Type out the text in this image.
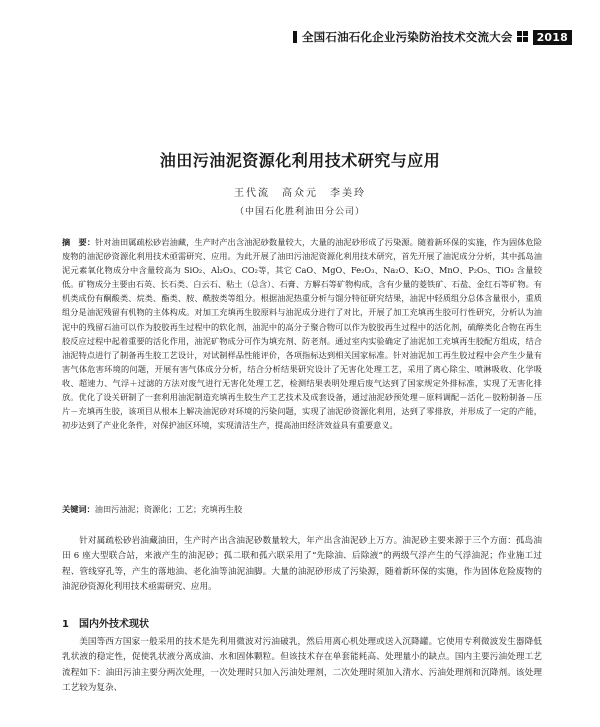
全国石油石化企业污染防治技术交流大会	2018
油田污油泥资源化利用技术研究与应用
王代流　高众元　李美玲
（中国石化胜利油田分公司）
摘　要：针对油田属疏松砂岩油藏，生产时产出含油泥砂数量较大，大量的油泥砂形成了污染源。随着新环保的实施，作为固体危险废物的油泥砂资源化利用技术亟需研究、应用。为此开展了油田污油泥资源化利用技术研究，首先开展了油泥成分分析，其中孤岛油泥元素氧化物成分中含量较高为 SiO₂、Al₂O₃、CO₂等，其它 CaO、MgO、Fe₂O₃、Na₂O、K₂O、MnO、P₂O₅、TiO₂ 含量较低。矿物成分主要由石英、长石类、白云石、粘土（总含）、石膏、方解石等矿物构成，含有少量的菱铁矿、石盐、金红石等矿物。有机类成份有酮酸类、烷类、酯类、胺、酰胺类等组分。根据油泥热重分析与馏分特征研究结果，油泥中轻质组分总体含量很小，重质组分是油泥残留有机物的主体构成。对加工充填再生胶原料与油泥成分进行了对比，开展了加工充填再生胶可行性研究，分析认为油泥中的残留石油可以作为胶胶再生过程中的软化剂，油泥中的高分子聚合物可以作为胶胶再生过程中的活化剂，硫醇类化合物在再生胶反应过程中起着重要的活化作用，油泥矿物成分可作为填充剂、防老剂。通过室内实验确定了油泥加工充填再生胶配方组成，结合油泥特点进行了制备再生胶工艺设计，对试制样品性能评价，各项指标达到相关国家标准。针对油泥加工再生胶过程中会产生少量有害气体危害环境的问题，开展有害气体成分分析，结合分析结果研究设计了无害化处理工艺，采用了离心除尘、喷淋吸收、化学吸收、超速力、气浮＋过滤的方法对废气进行无害化处理工艺，检测结果表明处理后废气达到了国家规定外排标准，实现了无害化排放。优化了设关研制了一套利用油泥制造充填再生胶生产工艺技术及成套设备，通过油泥砂预处理－原料调配－活化－胶粉制备－压片－充填再生胶，该项目从根本上解决油泥砂对环境的污染问题，实现了油泥砂资源化利用，达到了零排放，并形成了一定的产能，初步达到了产业化条件，对保护油区环境，实现清洁生产，提高油田经济效益具有重要意义。
关键词：油田污油泥；资源化；工艺；充填再生胶
针对属疏松砂岩油藏油田，生产时产出含油泥砂数量较大，年产出含油泥砂上万方。油泥砂主要来源于三个方面：孤岛油田 6 座大型联合站，来液产生的油泥砂；孤二联和孤六联采用了“先除油、后除液”的两级气浮产生的气浮油泥；作业施工过程、管线穿孔等，产生的落地油、老化油等油泥油脚。大量的油泥砂形成了污染源，随着新环保的实施，作为固体危险废物的油泥砂资源化利用技术亟需研究、应用。
1 国内外技术现状
美国等西方国家一般采用的技术是先利用微波对污油破乳，然后用离心机处理或送入沉降罐。它使用专利微波发生器降低乳状液的稳定性，促使乳状液分离成油、水和固体颗粒。但该技术存在单套能耗高、处理量小的缺点。国内主要污油处理工艺流程如下：油田污油主要分两次处理，一次处理时只加入污油处理剂，二次处理时须加入清水、污油处理剂和沉降剂。该处理工艺较为复杂、
